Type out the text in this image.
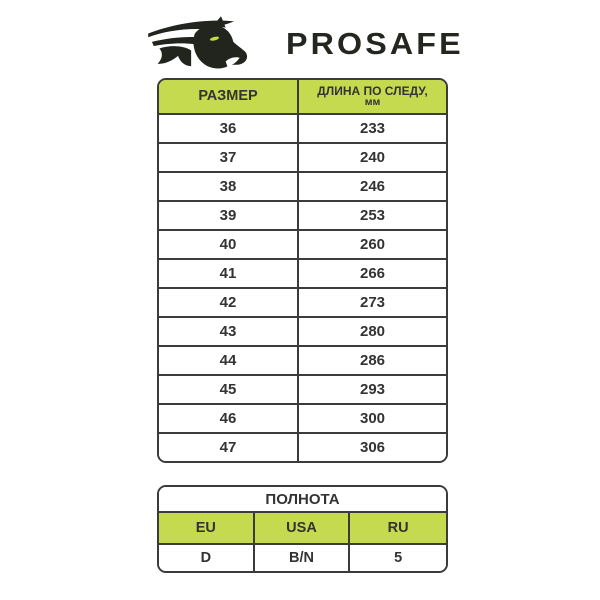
PROSAFE
РАЗМЕР	ДЛИНА ПО СЛЕДУ,
мм
36	233
37	240
38	246
39	253
40	260
41	266
42	273
43	280
44	286
45	293
46	300
47	306
ПОЛНОТА
EU	USA	RU
D	B/N	5
